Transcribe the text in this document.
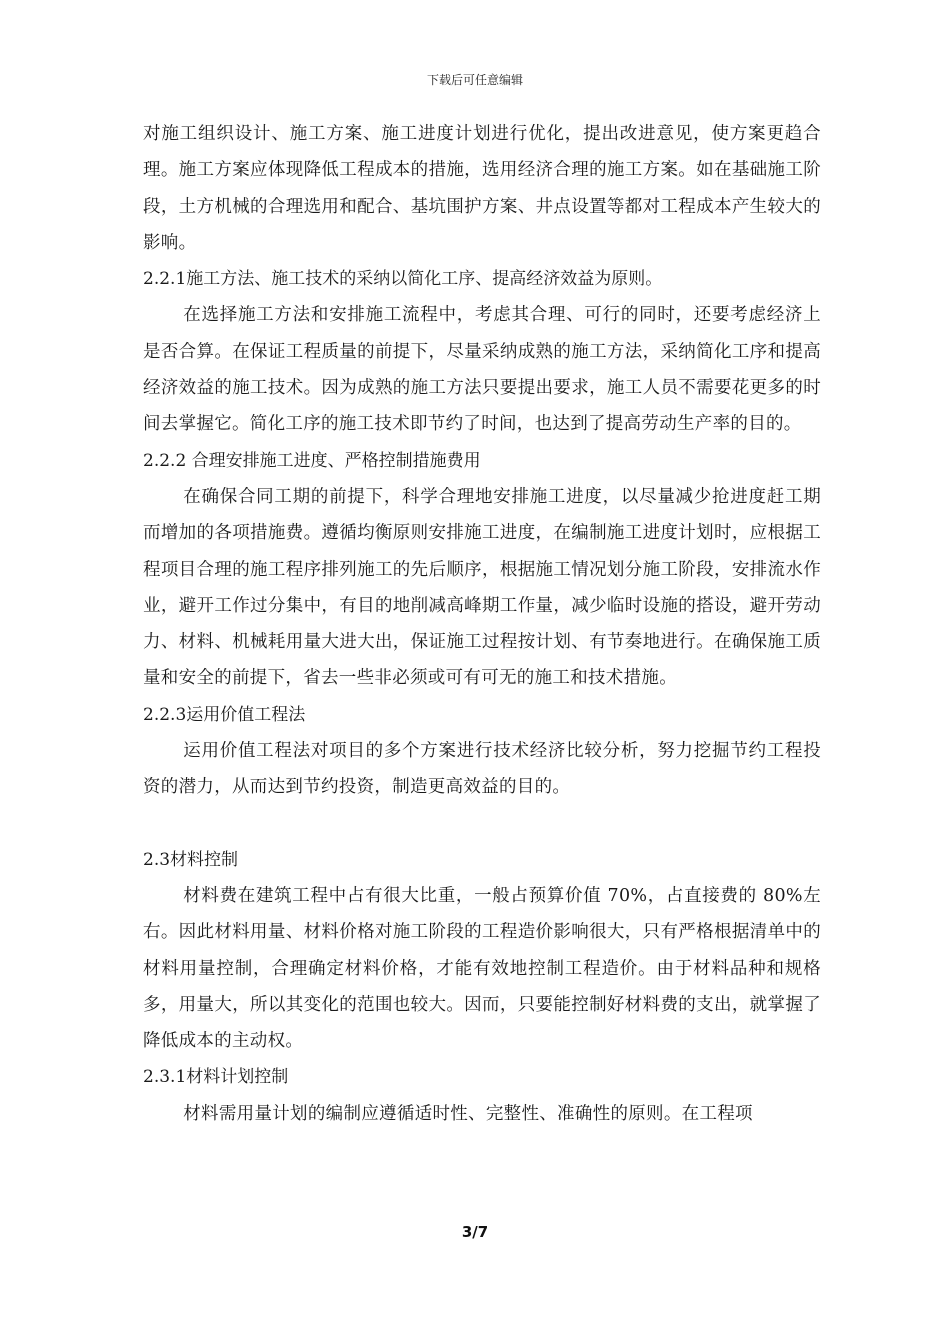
下载后可任意编辑

对施工组织设计、施工方案、施工进度计划进行优化，提出改进意见，使方案更趋合理。施工方案应体现降低工程成本的措施，选用经济合理的施工方案。如在基础施工阶段，土方机械的合理选用和配合、基坑围护方案、井点设置等都对工程成本产生较大的影响。

2.2.1施工方法、施工技术的采纳以简化工序、提高经济效益为原则。

在选择施工方法和安排施工流程中，考虑其合理、可行的同时，还要考虑经济上是否合算。在保证工程质量的前提下，尽量采纳成熟的施工方法，采纳简化工序和提高经济效益的施工技术。因为成熟的施工方法只要提出要求，施工人员不需要花更多的时间去掌握它。简化工序的施工技术即节约了时间，也达到了提高劳动生产率的目的。

2.2.2 合理安排施工进度、严格控制措施费用

在确保合同工期的前提下，科学合理地安排施工进度，以尽量减少抢进度赶工期而增加的各项措施费。遵循均衡原则安排施工进度，在编制施工进度计划时，应根据工程项目合理的施工程序排列施工的先后顺序，根据施工情况划分施工阶段，安排流水作业，避开工作过分集中，有目的地削减高峰期工作量，减少临时设施的搭设，避开劳动力、材料、机械耗用量大进大出，保证施工过程按计划、有节奏地进行。在确保施工质量和安全的前提下，省去一些非必须或可有可无的施工和技术措施。

2.2.3运用价值工程法

运用价值工程法对项目的多个方案进行技术经济比较分析，努力挖掘节约工程投资的潜力，从而达到节约投资，制造更高效益的目的。

2.3材料控制

材料费在建筑工程中占有很大比重，一般占预算价值 70%，占直接费的 80%左右。因此材料用量、材料价格对施工阶段的工程造价影响很大，只有严格根据清单中的材料用量控制，合理确定材料价格，才能有效地控制工程造价。由于材料品种和规格多，用量大，所以其变化的范围也较大。因而，只要能控制好材料费的支出，就掌握了降低成本的主动权。

2.3.1材料计划控制

材料需用量计划的编制应遵循适时性、完整性、准确性的原则。在工程项

3/7
